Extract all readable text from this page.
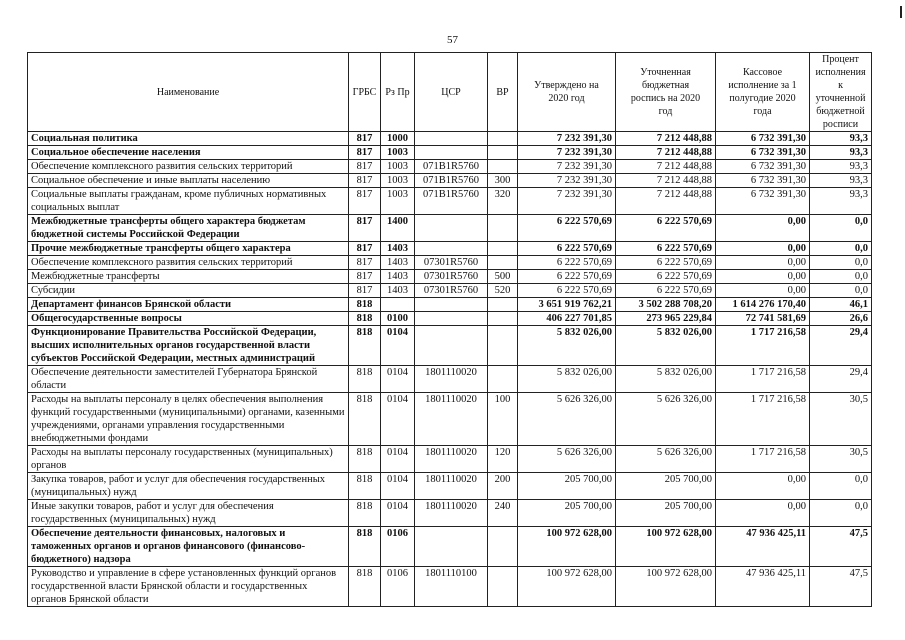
57
Наименование	ГРБС	Рз Пр	ЦСР	ВР	Утверждено на 2020 год	Уточненная бюджетная роспись на 2020 год	Кассовое исполнение за 1 полугодие 2020 года	Процент исполнения к уточненной бюджетной росписи
Социальная политика	817	1000			7 232 391,30	7 212 448,88	6 732 391,30	93,3
Социальное обеспечение населения	817	1003			7 232 391,30	7 212 448,88	6 732 391,30	93,3
Обеспечение комплексного развития сельских территорий	817	1003	071В1R5760		7 232 391,30	7 212 448,88	6 732 391,30	93,3
Социальное обеспечение и иные выплаты населению	817	1003	071В1R5760	300	7 232 391,30	7 212 448,88	6 732 391,30	93,3
Социальные выплаты гражданам, кроме публичных нормативных социальных выплат	817	1003	071В1R5760	320	7 232 391,30	7 212 448,88	6 732 391,30	93,3
Межбюджетные трансферты общего характера бюджетам бюджетной системы Российской Федерации	817	1400			6 222 570,69	6 222 570,69	0,00	0,0
Прочие межбюджетные трансферты общего характера	817	1403			6 222 570,69	6 222 570,69	0,00	0,0
Обеспечение комплексного развития сельских территорий	817	1403	07301R5760		6 222 570,69	6 222 570,69	0,00	0,0
Межбюджетные трансферты	817	1403	07301R5760	500	6 222 570,69	6 222 570,69	0,00	0,0
Субсидии	817	1403	07301R5760	520	6 222 570,69	6 222 570,69	0,00	0,0
Департамент финансов Брянской области	818				3 651 919 762,21	3 502 288 708,20	1 614 276 170,40	46,1
Общегосударственные вопросы	818	0100			406 227 701,85	273 965 229,84	72 741 581,69	26,6
Функционирование Правительства Российской Федерации, высших исполнительных органов государственной власти субъектов Российской Федерации, местных администраций	818	0104			5 832 026,00	5 832 026,00	1 717 216,58	29,4
Обеспечение деятельности заместителей Губернатора Брянской области	818	0104	1801110020		5 832 026,00	5 832 026,00	1 717 216,58	29,4
Расходы на выплаты персоналу в целях обеспечения выполнения функций государственными (муниципальными) органами, казенными учреждениями, органами управления государственными внебюджетными фондами	818	0104	1801110020	100	5 626 326,00	5 626 326,00	1 717 216,58	30,5
Расходы на выплаты персоналу государственных (муниципальных) органов	818	0104	1801110020	120	5 626 326,00	5 626 326,00	1 717 216,58	30,5
Закупка товаров, работ и услуг для обеспечения государственных (муниципальных) нужд	818	0104	1801110020	200	205 700,00	205 700,00	0,00	0,0
Иные закупки товаров, работ и услуг для обеспечения государственных (муниципальных) нужд	818	0104	1801110020	240	205 700,00	205 700,00	0,00	0,0
Обеспечение деятельности финансовых, налоговых и таможенных органов и органов финансового (финансово-бюджетного) надзора	818	0106			100 972 628,00	100 972 628,00	47 936 425,11	47,5
Руководство и управление в сфере установленных функций органов государственной власти Брянской области и государственных органов Брянской области	818	0106	1801110100		100 972 628,00	100 972 628,00	47 936 425,11	47,5
